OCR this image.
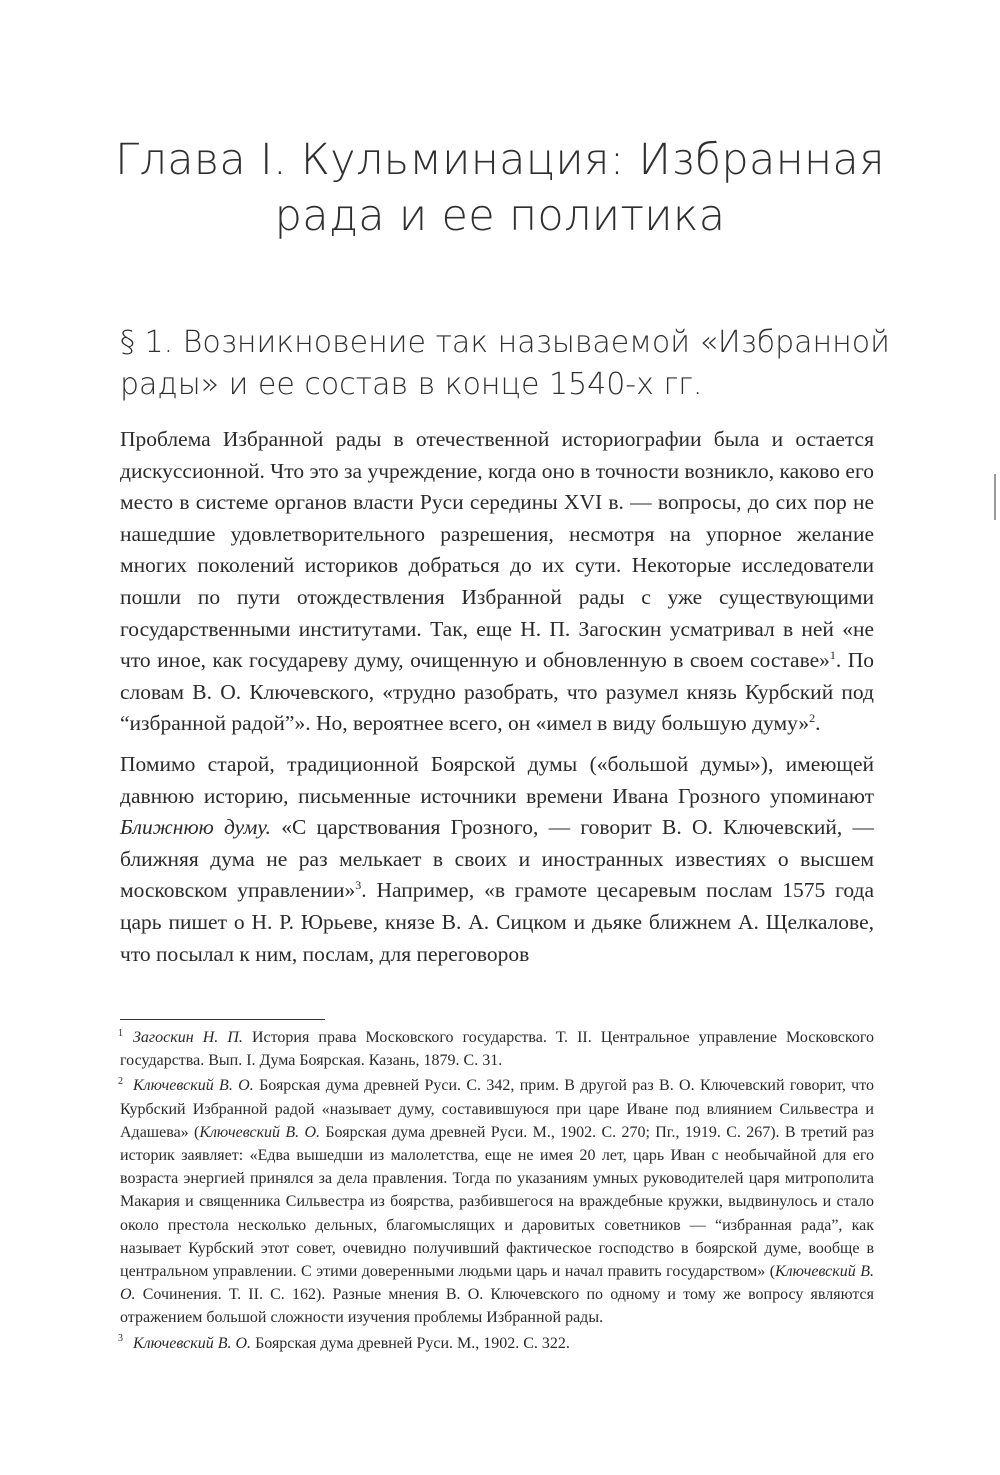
Глава I. Кульминация: Избранная
рада и ее политика
§ 1. Возникновение так называемой «Избранной
рады» и ее состав в конце 1540-х гг.

Проблема Избранной рады в отечественной историографии была и остается дискуссионной. Что это за учреждение, когда оно в точности возникло, каково его место в системе органов власти Руси середины XVI в. — вопросы, до сих пор не нашедшие удовлетворительного разрешения, несмотря на упорное желание многих поколений историков добраться до их сути. Некоторые исследователи пошли по пути отождествления Избранной рады с уже существующими государственными институтами. Так, еще Н. П. Загоскин усматривал в ней «не что иное, как государеву думу, очищенную и обновленную в своем составе»$^1$. По словам В. О. Ключевского, «трудно разобрать, что разумел князь Курбский под “избранной радой”». Но, вероятнее всего, он «имел в виду большую думу»$^2$.

Помимо старой, традиционной Боярской думы («большой думы»), имеющей давнюю историю, письменные источники времени Ивана Грозного упоминают Ближнюю думу. «С царствования Грозного, — говорит В. О. Ключевский, — ближняя дума не раз мелькает в своих и иностранных известиях о высшем московском управлении»$^3$. Например, «в грамоте цесаревым послам 1575 года царь пишет о Н. Р. Юрьеве, князе В. А. Сицком и дьяке ближнем А. Щелкалове, что посылал к ним, послам, для переговоров

$^1$ Загоскин Н. П. История права Московского государства. Т. II. Центральное управление Московского государства. Вып. I. Дума Боярская. Казань, 1879. С. 31.

$^2$ Ключевский В. О. Боярская дума древней Руси. С. 342, прим. В другой раз В. О. Ключевский говорит, что Курбский Избранной радой «называет думу, составившуюся при царе Иване под влиянием Сильвестра и Адашева» (Ключевский В. О. Боярская дума древней Руси. М., 1902. С. 270; Пг., 1919. С. 267). В третий раз историк заявляет: «Едва вышедши из малолетства, еще не имея 20 лет, царь Иван с необычайной для его возраста энергией принялся за дела правления. Тогда по указаниям умных руководителей царя митрополита Макария и священника Сильвестра из боярства, разбившегося на враждебные кружки, выдвинулось и стало около престола несколько дельных, благомыслящих и даровитых советников — “избранная рада”, как называет Курбский этот совет, очевидно получивший фактическое господство в боярской думе, вообще в центральном управлении. С этими доверенными людьми царь и начал править государством» (Ключевский В. О. Сочинения. Т. II. С. 162). Разные мнения В. О. Ключевского по одному и тому же вопросу являются отражением большой сложности изучения проблемы Избранной рады.

$^3$ Ключевский В. О. Боярская дума древней Руси. М., 1902. С. 322.
